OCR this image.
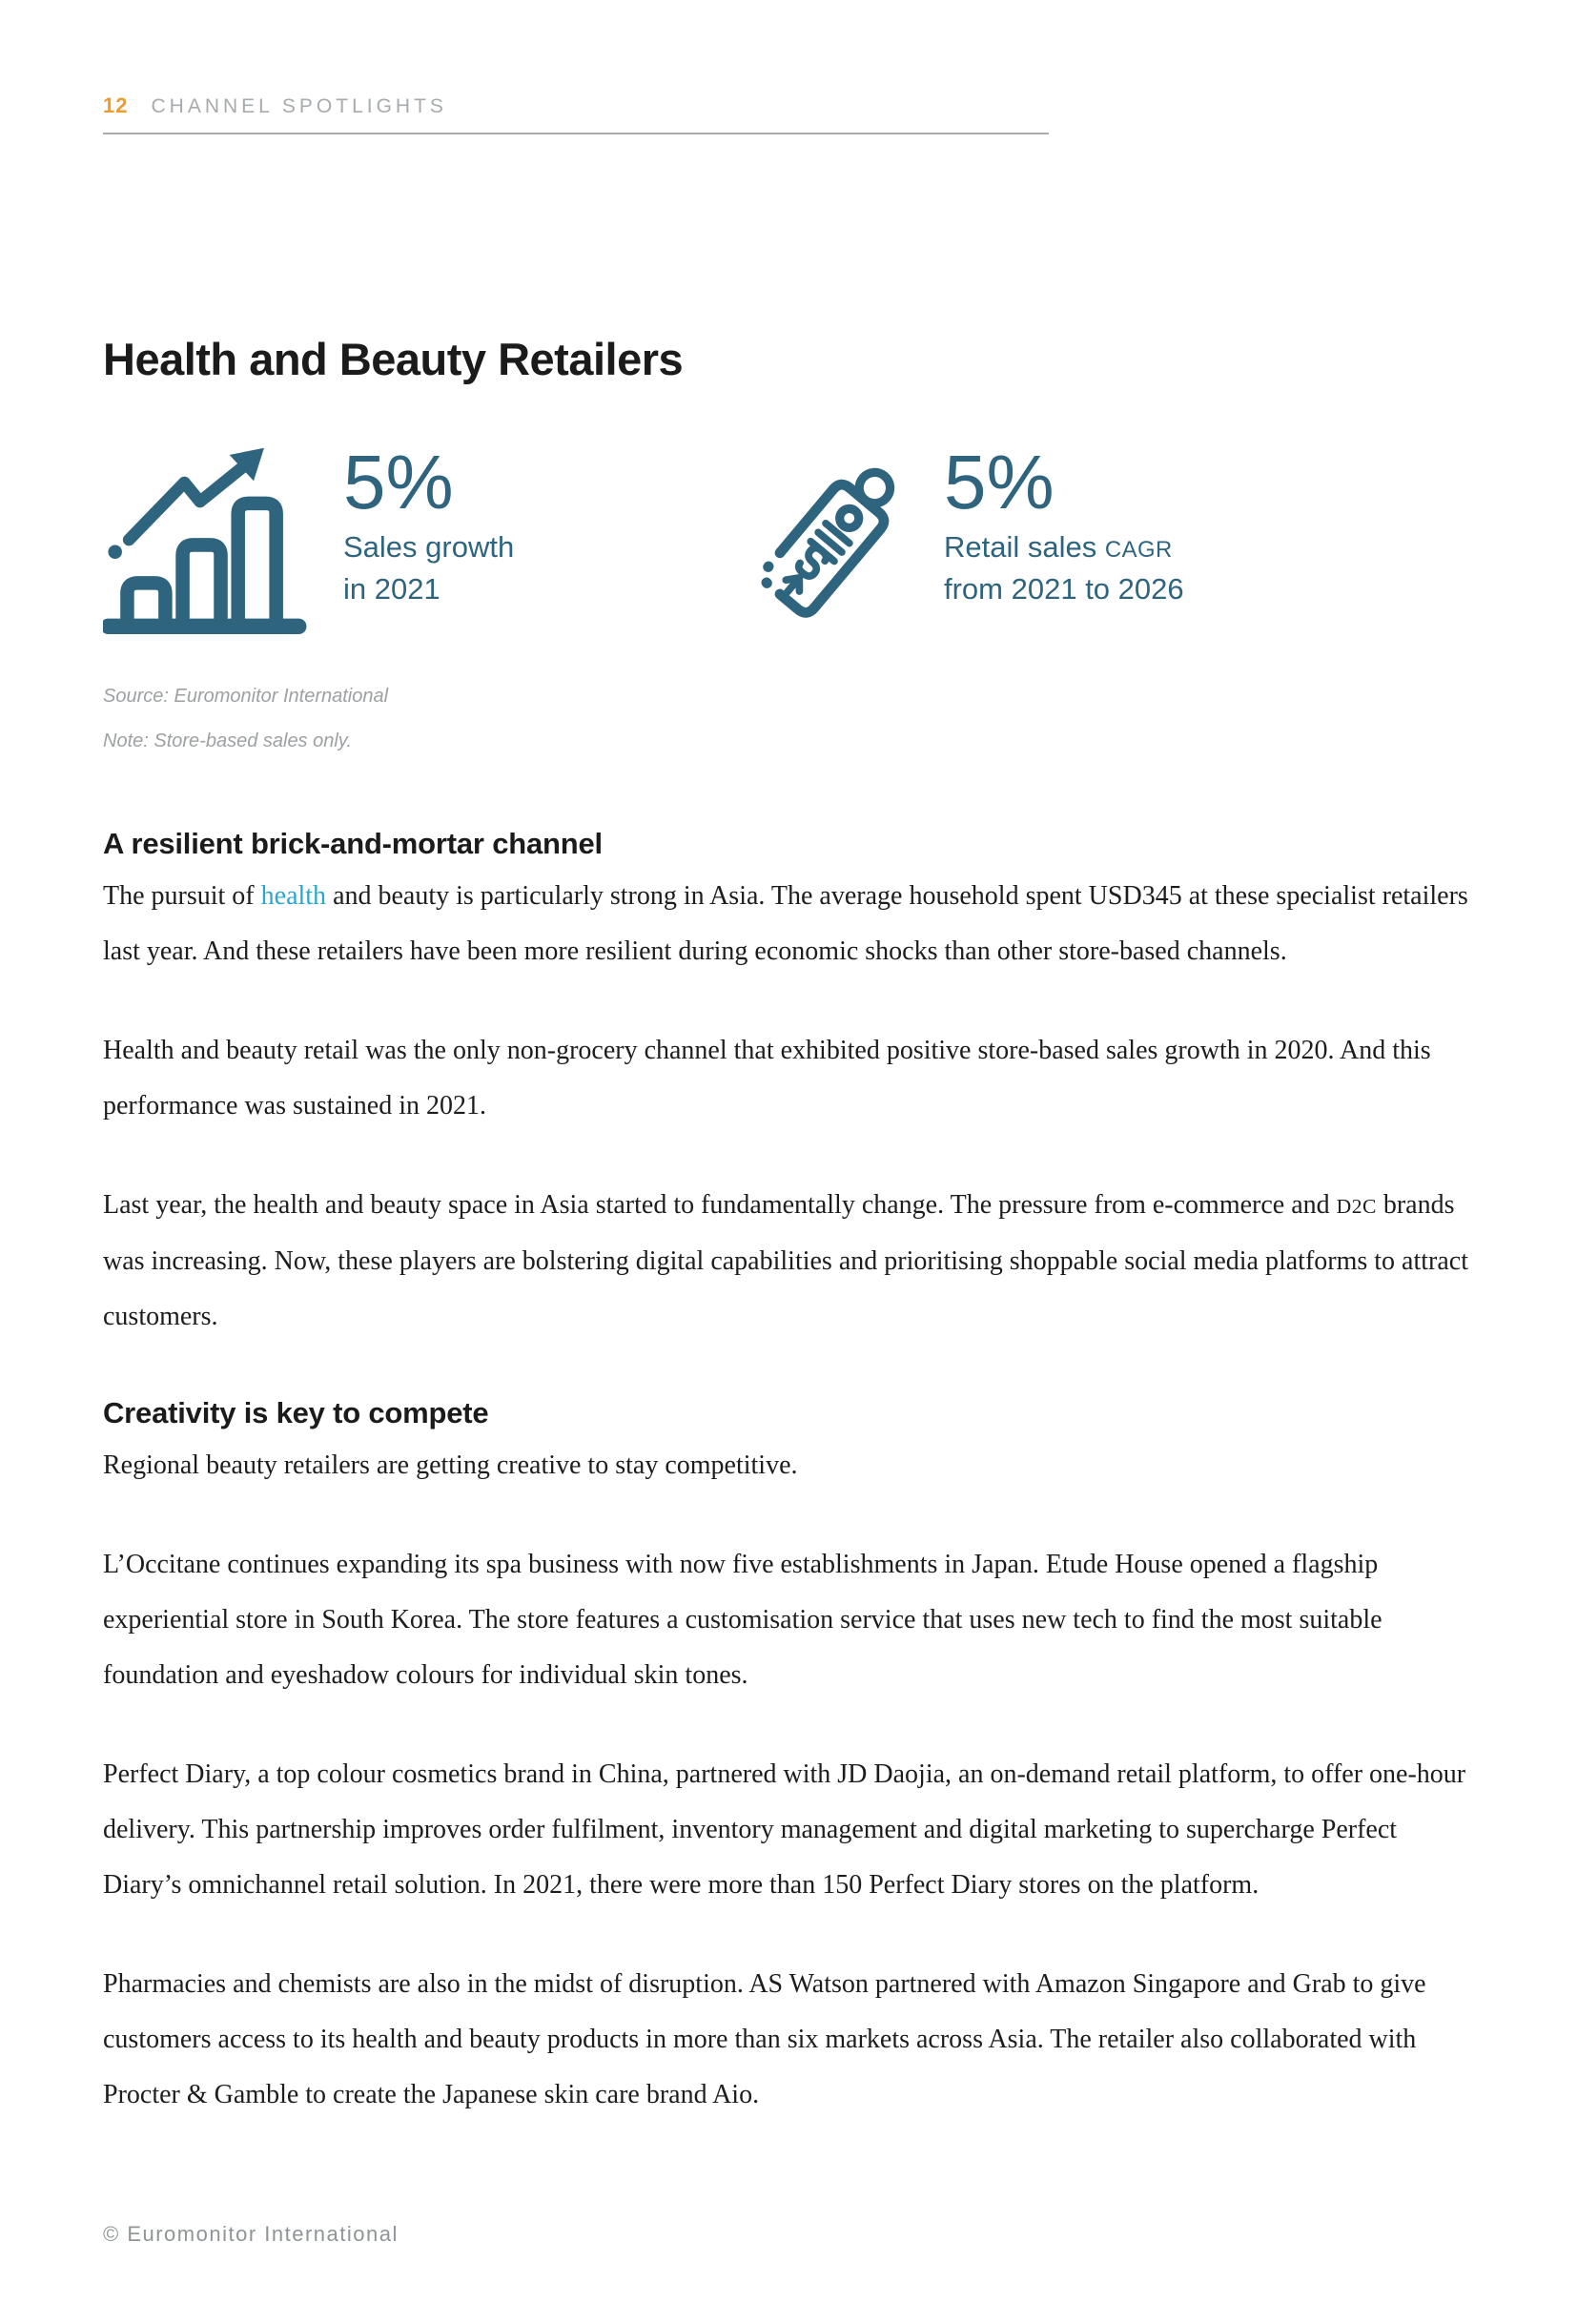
12 CHANNEL SPOTLIGHTS
Health and Beauty Retailers
5%
Sales growth
in 2021
5%
Retail sales CAGR
from 2021 to 2026
Source: Euromonitor International
Note: Store-based sales only.
A resilient brick-and-mortar channel

The pursuit of health and beauty is particularly strong in Asia. The average household spent USD345 at these specialist retailers last year. And these retailers have been more resilient during economic shocks than other store-based channels.

Health and beauty retail was the only non-grocery channel that exhibited positive store-based sales growth in 2020. And this performance was sustained in 2021.

Last year, the health and beauty space in Asia started to fundamentally change. The pressure from e-commerce and D2C brands was increasing. Now, these players are bolstering digital capabilities and prioritising shoppable social media platforms to attract customers.

Creativity is key to compete

Regional beauty retailers are getting creative to stay competitive.

L’Occitane continues expanding its spa business with now five establishments in Japan. Etude House opened a flagship experiential store in South Korea. The store features a customisation service that uses new tech to find the most suitable foundation and eyeshadow colours for individual skin tones.

Perfect Diary, a top colour cosmetics brand in China, partnered with JD Daojia, an on-demand retail platform, to offer one-hour delivery. This partnership improves order fulfilment, inventory management and digital marketing to supercharge Perfect Diary’s omnichannel retail solution. In 2021, there were more than 150 Perfect Diary stores on the platform.

Pharmacies and chemists are also in the midst of disruption. AS Watson partnered with Amazon Singapore and Grab to give customers access to its health and beauty products in more than six markets across Asia. The retailer also collaborated with Procter & Gamble to create the Japanese skin care brand Aio.

© Euromonitor International
